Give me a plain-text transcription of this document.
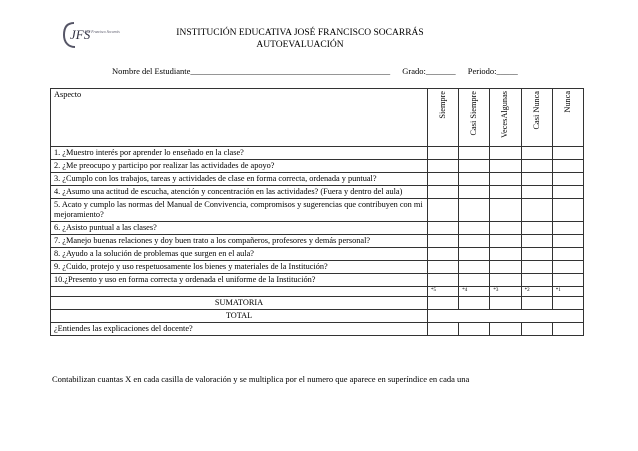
JFS
José Francisco Socarrás	INSTITUCIÓN EDUCATIVA JOSÉ FRANCISCO SOCARRÁS
AUTOEVALUACIÓN
Nombre del Estudiante_______________________________________________ Grado:_______ Periodo:_____
Aspecto	Siempre	Casi Siempre	VecesAlgunas	Casi Nunca	Nunca

1. ¿Muestro interés por aprender lo enseñado en la clase?					
2. ¿Me preocupo y participo por realizar las actividades de apoyo?					
3. ¿Cumplo con los trabajos, tareas y actividades de clase en forma correcta, ordenada y puntual?					
4. ¿Asumo una actitud de escucha, atención y concentración en las actividades? (Fuera y dentro del aula)					
5. Acato y cumplo las normas del Manual de Convivencia, compromisos y sugerencias que contribuyen con mi mejoramiento?					
6. ¿Asisto puntual a las clases?					
7. ¿Manejo buenas relaciones y doy buen trato a los compañeros, profesores y demás personal?					
8. ¿Ayudo a la solución de problemas que surgen en el aula?					
9. ¿Cuido, protejo y uso respetuosamente los bienes y materiales de la Institución?					
10.¿Presento y uso en forma correcta y ordenada el uniforme de la Institución?					
	*5	*4	*3	*2	*1
SUMATORIA					
TOTAL					
¿Entiendes las explicaciones del docente?					
Contabilizan cuantas X en cada casilla de valoración y se multiplica por el numero que aparece en superíndice en cada una
